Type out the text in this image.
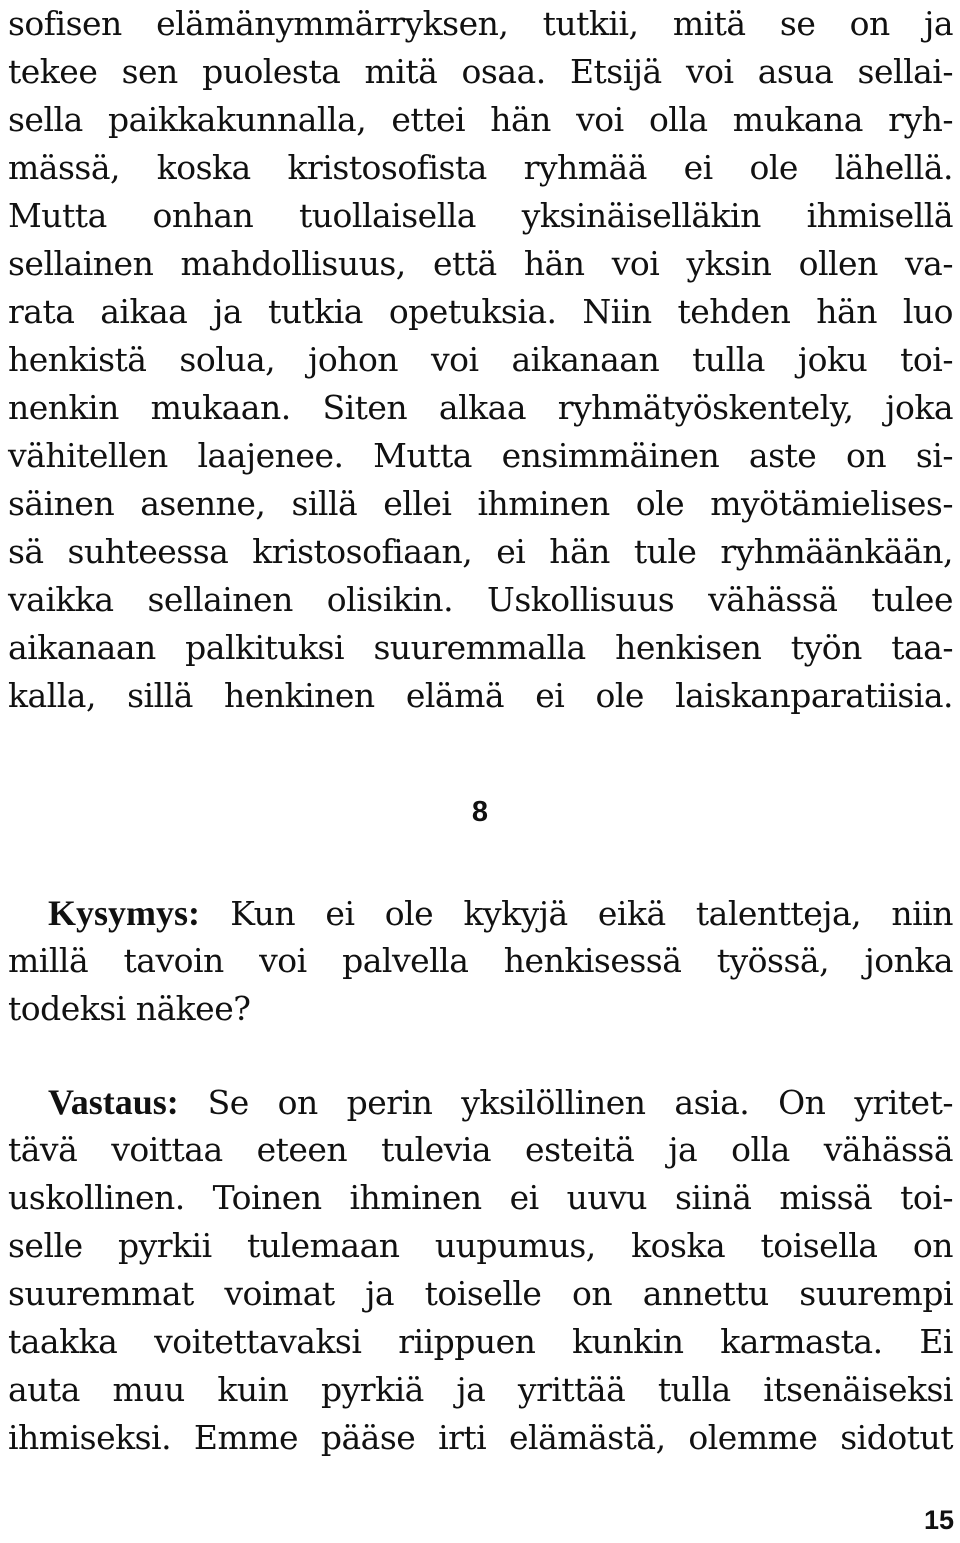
sofisen elämänymmärryksen, tutkii, mitä se on ja
tekee sen puolesta mitä osaa. Etsijä voi asua sellai-
sella paikkakunnalla, ettei hän voi olla mukana ryh-
mässä, koska kristosofista ryhmää ei ole lähellä.
Mutta onhan tuollaisella yksinäiselläkin ihmisellä
sellainen mahdollisuus, että hän voi yksin ollen va-
rata aikaa ja tutkia opetuksia. Niin tehden hän luo
henkistä solua, johon voi aikanaan tulla joku toi-
nenkin mukaan. Siten alkaa ryhmätyöskentely, joka
vähitellen laajenee. Mutta ensimmäinen aste on si-
säinen asenne, sillä ellei ihminen ole myötämielises-
sä suhteessa kristosofiaan, ei hän tule ryhmäänkään,
vaikka sellainen olisikin. Uskollisuus vähässä tulee
aikanaan palkituksi suuremmalla henkisen työn taa-
kalla, sillä henkinen elämä ei ole laiskanparatiisia.
8
Kysymys: Kun ei ole kykyjä eikä talentteja, niin
millä tavoin voi palvella henkisessä työssä, jonka
todeksi näkee?
Vastaus: Se on perin yksilöllinen asia. On yritet-
tävä voittaa eteen tulevia esteitä ja olla vähässä
uskollinen. Toinen ihminen ei uuvu siinä missä toi-
selle pyrkii tulemaan uupumus, koska toisella on
suuremmat voimat ja toiselle on annettu suurempi
taakka voitettavaksi riippuen kunkin karmasta. Ei
auta muu kuin pyrkiä ja yrittää tulla itsenäiseksi
ihmiseksi. Emme pääse irti elämästä, olemme sidotut
15
